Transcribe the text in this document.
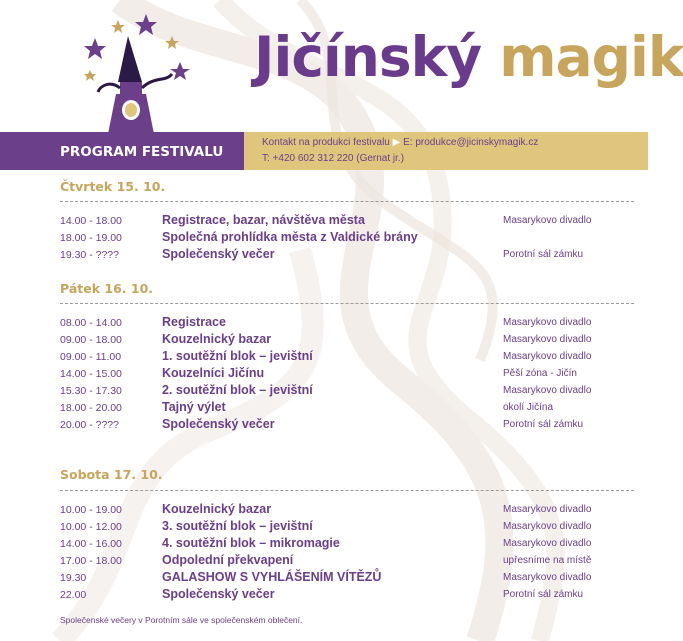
Jičínský magik
PROGRAM FESTIVALU
Kontakt na produkci festivalu ▶ E: produkce@jicinskymagik.cz
T: +420 602 312 220 (Gernat jr.)
Čtvrtek 15. 10.
14.00 - 18.00	Registrace, bazar, návštěva města	Masarykovo divadlo
18.00 - 19.00	Společná prohlídka města z Valdické brány
19.30 - ????	Společenský večer	Porotní sál zámku
Pátek 16. 10.
08.00 - 14.00	Registrace	Masarykovo divadlo
09.00 - 18.00	Kouzelnický bazar	Masarykovo divadlo
09.00 - 11.00	1. soutěžní blok – jevištní	Masarykovo divadlo
14.00 - 15.00	Kouzelníci Jičínu	Pěší zóna - Jičín
15.30 - 17.30	2. soutěžní blok – jevištní	Masarykovo divadlo
18.00 - 20.00	Tajný výlet	okolí Jičína
20.00 - ????	Společenský večer	Porotní sál zámku
Sobota 17. 10.
10.00 - 19.00	Kouzelnický bazar	Masarykovo divadlo
10.00 - 12.00	3. soutěžní blok – jevištní	Masarykovo divadlo
14.00 - 16.00	4. soutěžní blok – mikromagie	Masarykovo divadlo
17.00 - 18.00	Odpolední překvapení	upřesníme na místě
19.30	GALASHOW S VYHLÁŠENÍM VÍTĚZŮ	Masarykovo divadlo
22.00	Společenský večer	Porotní sál zámku
Společenské večery v Porotním sále ve společenském oblečení.
